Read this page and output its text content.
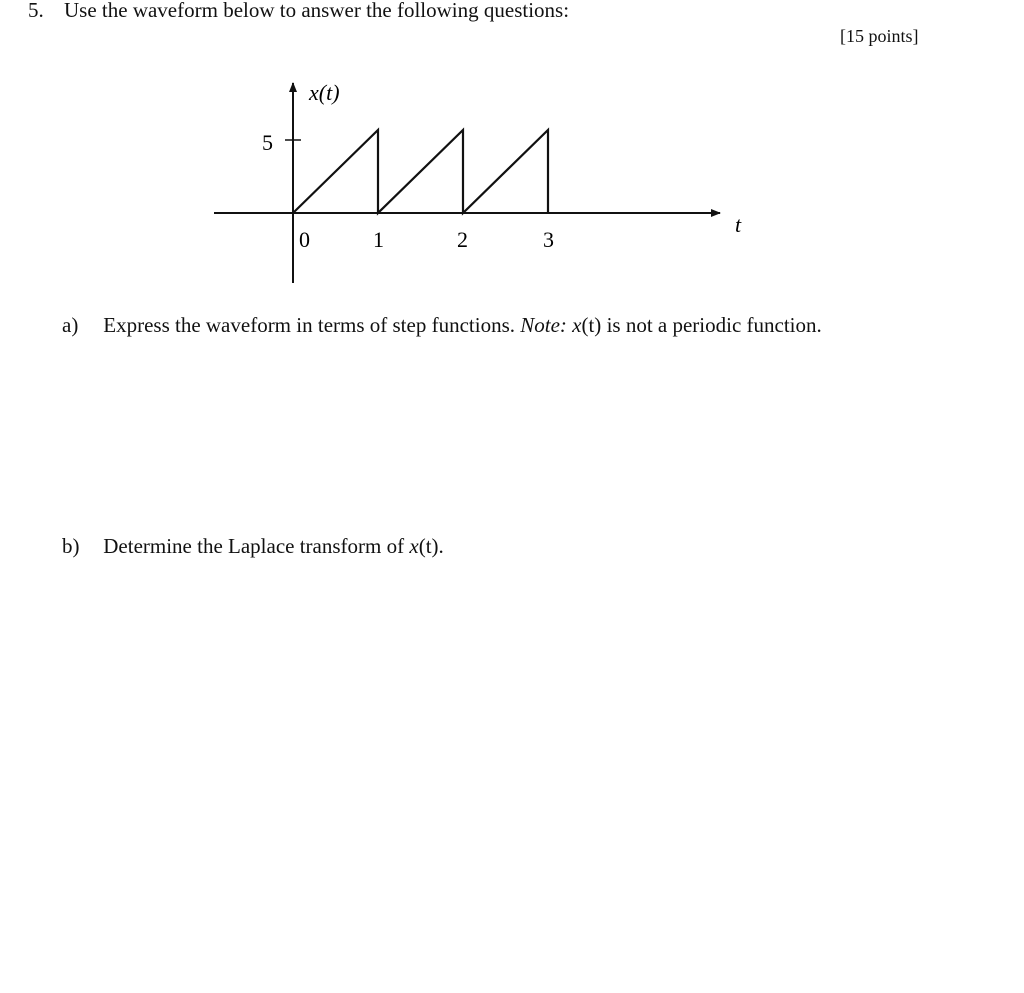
5. Use the waveform below to answer the following questions:
[15 points]
x(t)
t
5
0	1	2	3
a) Express the waveform in terms of step functions. Note: x(t) is not a periodic function.
b) Determine the Laplace transform of x(t).
